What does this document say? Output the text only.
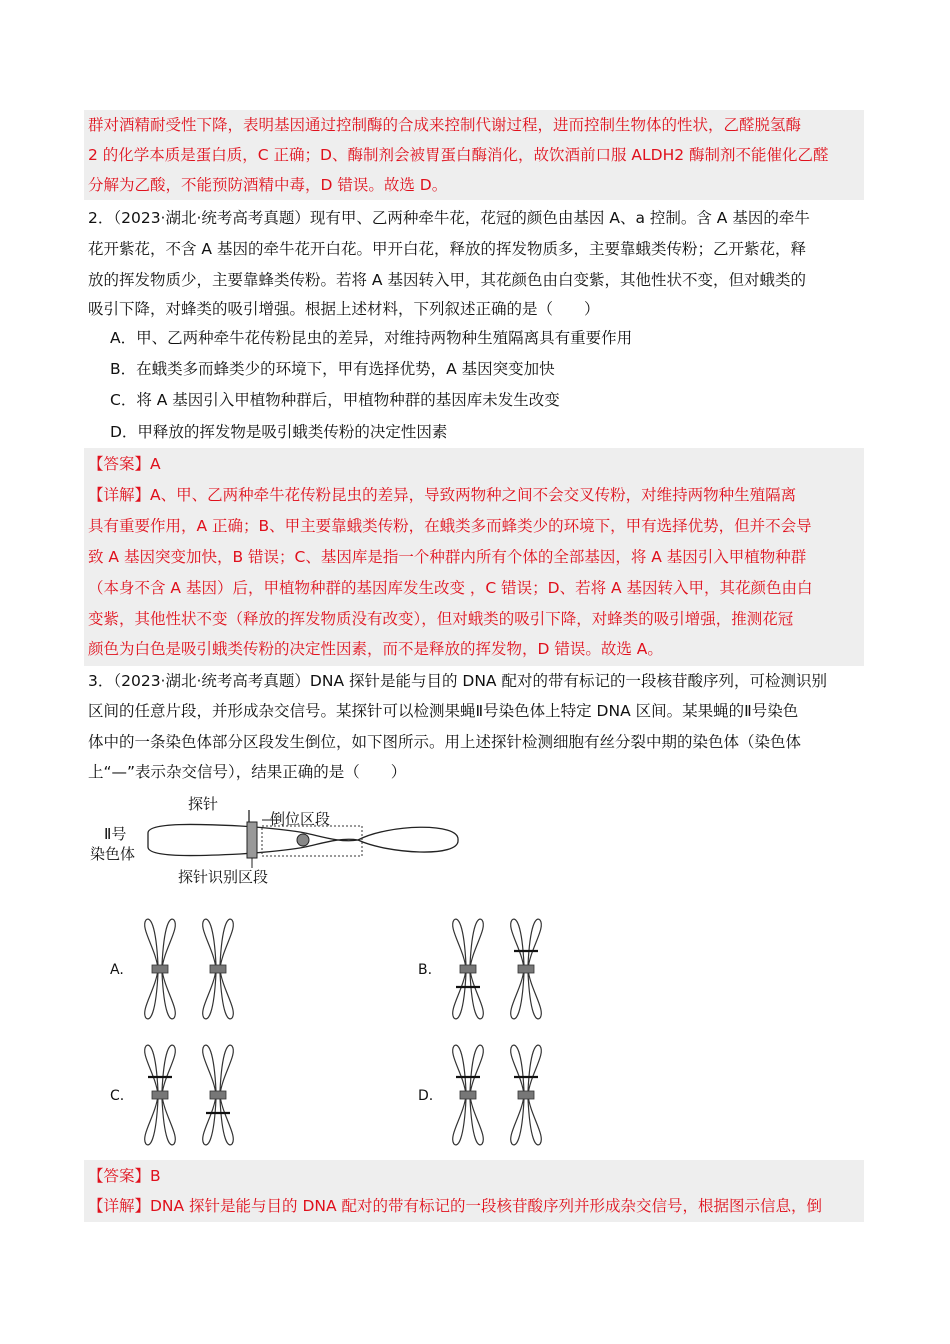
群对酒精耐受性下降，表明基因通过控制酶的合成来控制代谢过程，进而控制生物体的性状，乙醛脱氢酶
2 的化学本质是蛋白质，C 正确；D、酶制剂会被胃蛋白酶消化，故饮酒前口服 ALDH2 酶制剂不能催化乙醛
分解为乙酸，不能预防酒精中毒，D 错误。故选 D。
2．（2023·湖北·统考高考真题）现有甲、乙两种牵牛花，花冠的颜色由基因 A、a 控制。含 A 基因的牵牛
花开紫花，不含 A 基因的牵牛花开白花。甲开白花，释放的挥发物质多，主要靠蛾类传粉；乙开紫花，释
放的挥发物质少，主要靠蜂类传粉。若将 A 基因转入甲，其花颜色由白变紫，其他性状不变，但对蛾类的
吸引下降，对蜂类的吸引增强。根据上述材料，下列叙述正确的是（　　）
A．甲、乙两种牵牛花传粉昆虫的差异，对维持两物种生殖隔离具有重要作用
B．在蛾类多而蜂类少的环境下，甲有选择优势，A 基因突变加快
C．将 A 基因引入甲植物种群后，甲植物种群的基因库未发生改变
D．甲释放的挥发物是吸引蛾类传粉的决定性因素
【答案】A
【详解】A、甲、乙两种牵牛花传粉昆虫的差异，导致两物种之间不会交叉传粉，对维持两物种生殖隔离
具有重要作用，A 正确；B、甲主要靠蛾类传粉，在蛾类多而蜂类少的环境下，甲有选择优势，但并不会导
致 A 基因突变加快，B 错误；C、基因库是指一个种群内所有个体的全部基因，将 A 基因引入甲植物种群
（本身不含 A 基因）后，甲植物种群的基因库发生改变 ，C 错误；D、若将 A 基因转入甲，其花颜色由白
变紫，其他性状不变（释放的挥发物质没有改变），但对蛾类的吸引下降，对蜂类的吸引增强，推测花冠
颜色为白色是吸引蛾类传粉的决定性因素，而不是释放的挥发物，D 错误。故选 A。
3．（2023·湖北·统考高考真题）DNA 探针是能与目的 DNA 配对的带有标记的一段核苷酸序列，可检测识别
区间的任意片段，并形成杂交信号。某探针可以检测果蝇Ⅱ号染色体上特定 DNA 区间。某果蝇的Ⅱ号染色
体中的一条染色体部分区段发生倒位，如下图所示。用上述探针检测细胞有丝分裂中期的染色体（染色体
上“—”表示杂交信号），结果正确的是（　　）
探针
倒位区段
Ⅱ号
染色体
探针识别区段
A.	B.
C.	D.
【答案】B
【详解】DNA 探针是能与目的 DNA 配对的带有标记的一段核苷酸序列并形成杂交信号，根据图示信息，倒
